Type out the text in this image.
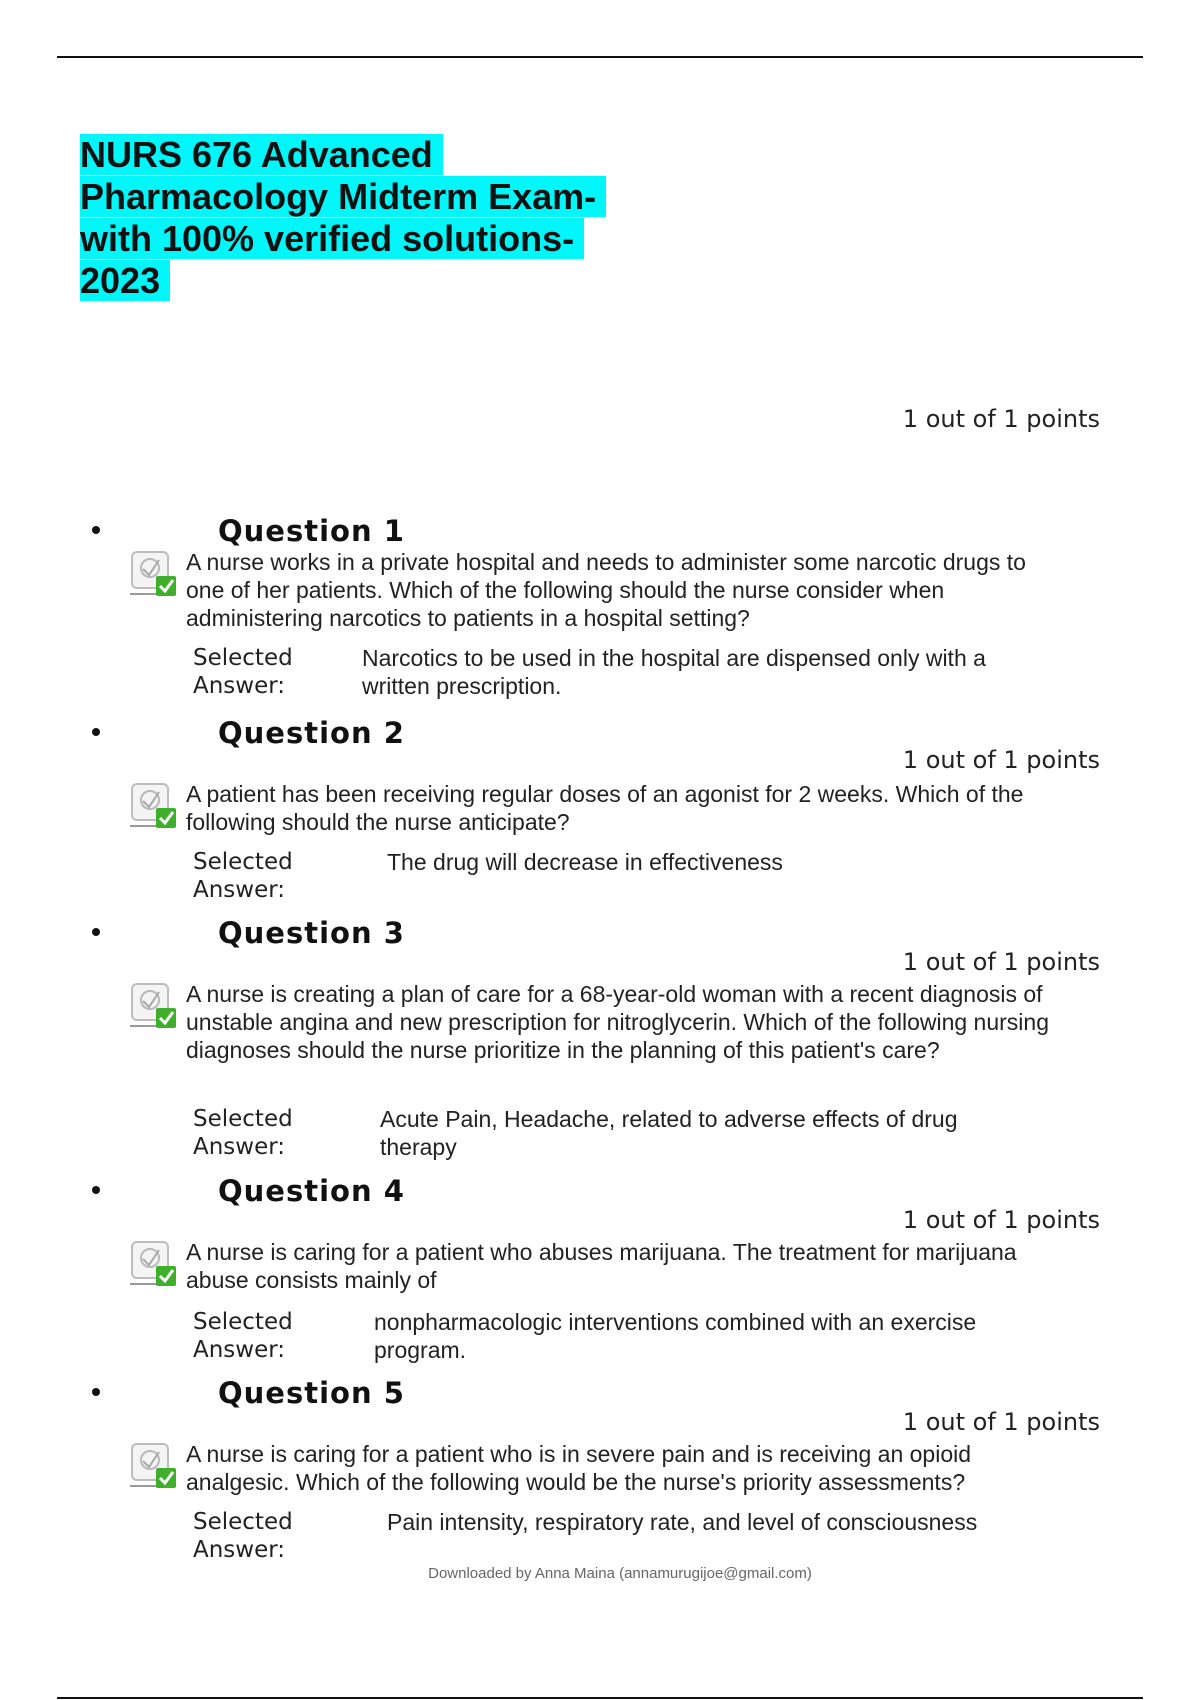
NURS 676 Advanced
Pharmacology Midterm Exam-
with 100% verified solutions-
2023
1 out of 1 points
Question 1

A nurse works in a private hospital and needs to administer some narcotic drugs to one of her patients. Which of the following should the nurse consider when administering narcotics to patients in a hospital setting?

Selected
Answer:

Narcotics to be used in the hospital are dispensed only with a written prescription.

Question 2
1 out of 1 points

A patient has been receiving regular doses of an agonist for 2 weeks. Which of the following should the nurse anticipate?

Selected
Answer:

The drug will decrease in effectiveness

Question 3
1 out of 1 points

A nurse is creating a plan of care for a 68-year-old woman with a recent diagnosis of unstable angina and new prescription for nitroglycerin. Which of the following nursing diagnoses should the nurse prioritize in the planning of this patient's care?

Selected
Answer:

Acute Pain, Headache, related to adverse effects of drug therapy

Question 4
1 out of 1 points

A nurse is caring for a patient who abuses marijuana. The treatment for marijuana abuse consists mainly of

Selected
Answer:

nonpharmacologic interventions combined with an exercise program.

Question 5
1 out of 1 points

A nurse is caring for a patient who is in severe pain and is receiving an opioid analgesic. Which of the following would be the nurse's priority assessments?

Selected
Answer:

Pain intensity, respiratory rate, and level of consciousness

Downloaded by Anna Maina (annamurugijoe@gmail.com)
